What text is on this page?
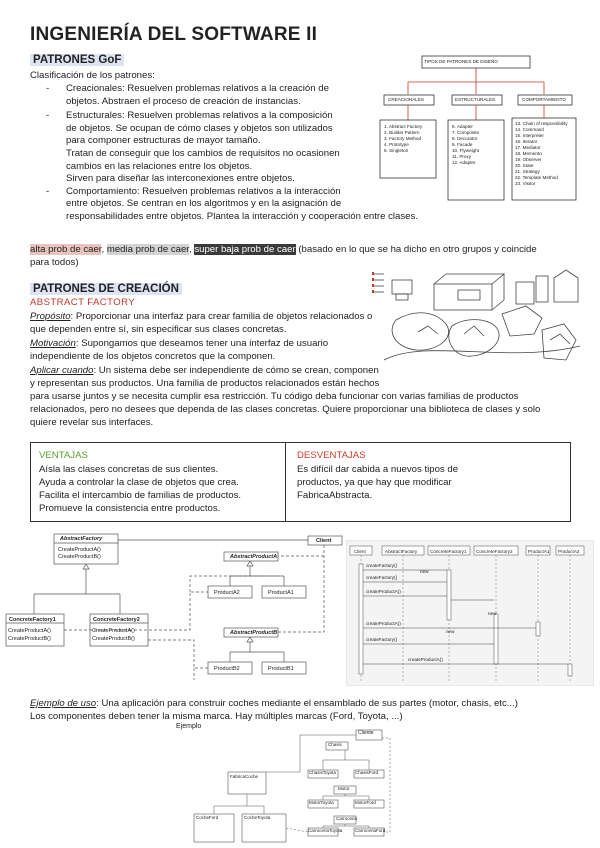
INGENIERÍA DEL SOFTWARE II
PATRONES GoF
Clasificación de los patrones:
- Creacionales: Resuelven problemas relativos a la creación de
objetos. Abstraen el proceso de creación de instancias.
- Estructurales: Resuelven problemas relativos a la composición
de objetos. Se ocupan de cómo clases y objetos son utilizados
para componer estructuras de mayor tamaño.
Tratan de conseguir que los cambios de requisitos no ocasionen
cambios en las relaciones entre los objetos.
Sirven para diseñar las interconexiones entre objetos.
- Comportamiento: Resuelven problemas relativos a la interacción
entre objetos. Se centran en los algoritmos y en la asignación de
responsabilidades entre objetos. Plantea la interacción y cooperación entre clases.
TIPOS DE PATRONES DE DISEÑO
CREACIONALES	ESTRUCTURALES	COMPORTAMIENTO
1. Abstract Factory
2. Builder Pattern
3. Factory Method
4. Prototype
5. Singleton
6. Adapter
7. Composite
8. Decorator
9. Facade
10. Flyweight
11. Proxy
12. Adapter
13. Chain of responsibility
14. Command
15. Interpreter
16. Iterator
17. Mediator
18. Memento
19. Observer
20. State
21. Strategy
22. Template Method
23. Visitor
alta prob de caer, media prob de caer, super baja prob de caer (basado en lo que se ha dicho en otro grupos y coincide
para todos)
PATRONES DE CREACIÓN
ABSTRACT FACTORY
Propósito: Proporcionar una interfaz para crear familia de objetos relacionados o
que dependen entre sí, sin especificar sus clases concretas.
Motivación: Supongamos que deseamos tener una interfaz de usuario
independiente de los objetos concretos que la componen.
Aplicar cuando: Un sistema debe ser independiente de cómo se crean, componen
y representan sus productos. Una familia de productos relacionados están hechos
para usarse juntos y se necesita cumplir esa restricción. Tu código deba funcionar con varias familias de productos
relacionados, pero no desees que dependa de las clases concretas. Quiere proporcionar una biblioteca de clases y solo
quiere revelar sus interfaces.
VENTAJAS
Aísla las clases concretas de sus clientes.
Ayuda a controlar la clase de objetos que crea.
Facilita el intercambio de familias de productos.
Promueve la consistencia entre productos.
DESVENTAJAS
Es difícil dar cabida a nuevos tipos de
productos, ya que hay que modificar
FabricaAbstracta.
AbstractFactory
CreateProductA()
CreateProductB()
Client
AbstractProductA
ProductA2	ProductA1
AbstractProductB
ProductB2	ProductB1
ConcreteFactory1
CreateProductA()
CreateProductB()
ConcreteFactory2
CreateProductA()
CreateProductB()
Client	AbstractFactory	ConcreteFactory1 ConcreteFactory2	ProductA1 ProductA2
createFactory()
new
createFactory()
createProductA()
new
createProductA()
new
createFactory()
createProductA()
Ejemplo de uso: Una aplicación para construir coches mediante el ensamblado de sus partes (motor, chasis, etc...)
Los componentes deben tener la misma marca. Hay múltiples marcas (Ford, Toyota, ...)
Ejemplo
Cliente
FabricaCoche
CocheFord	CocheToyota
Chasis
ChasisToyota	ChasisFord
Motor
MotorToyota	MotorFord
Carroceria
CarroceriaToyota	CarroceriaFord
